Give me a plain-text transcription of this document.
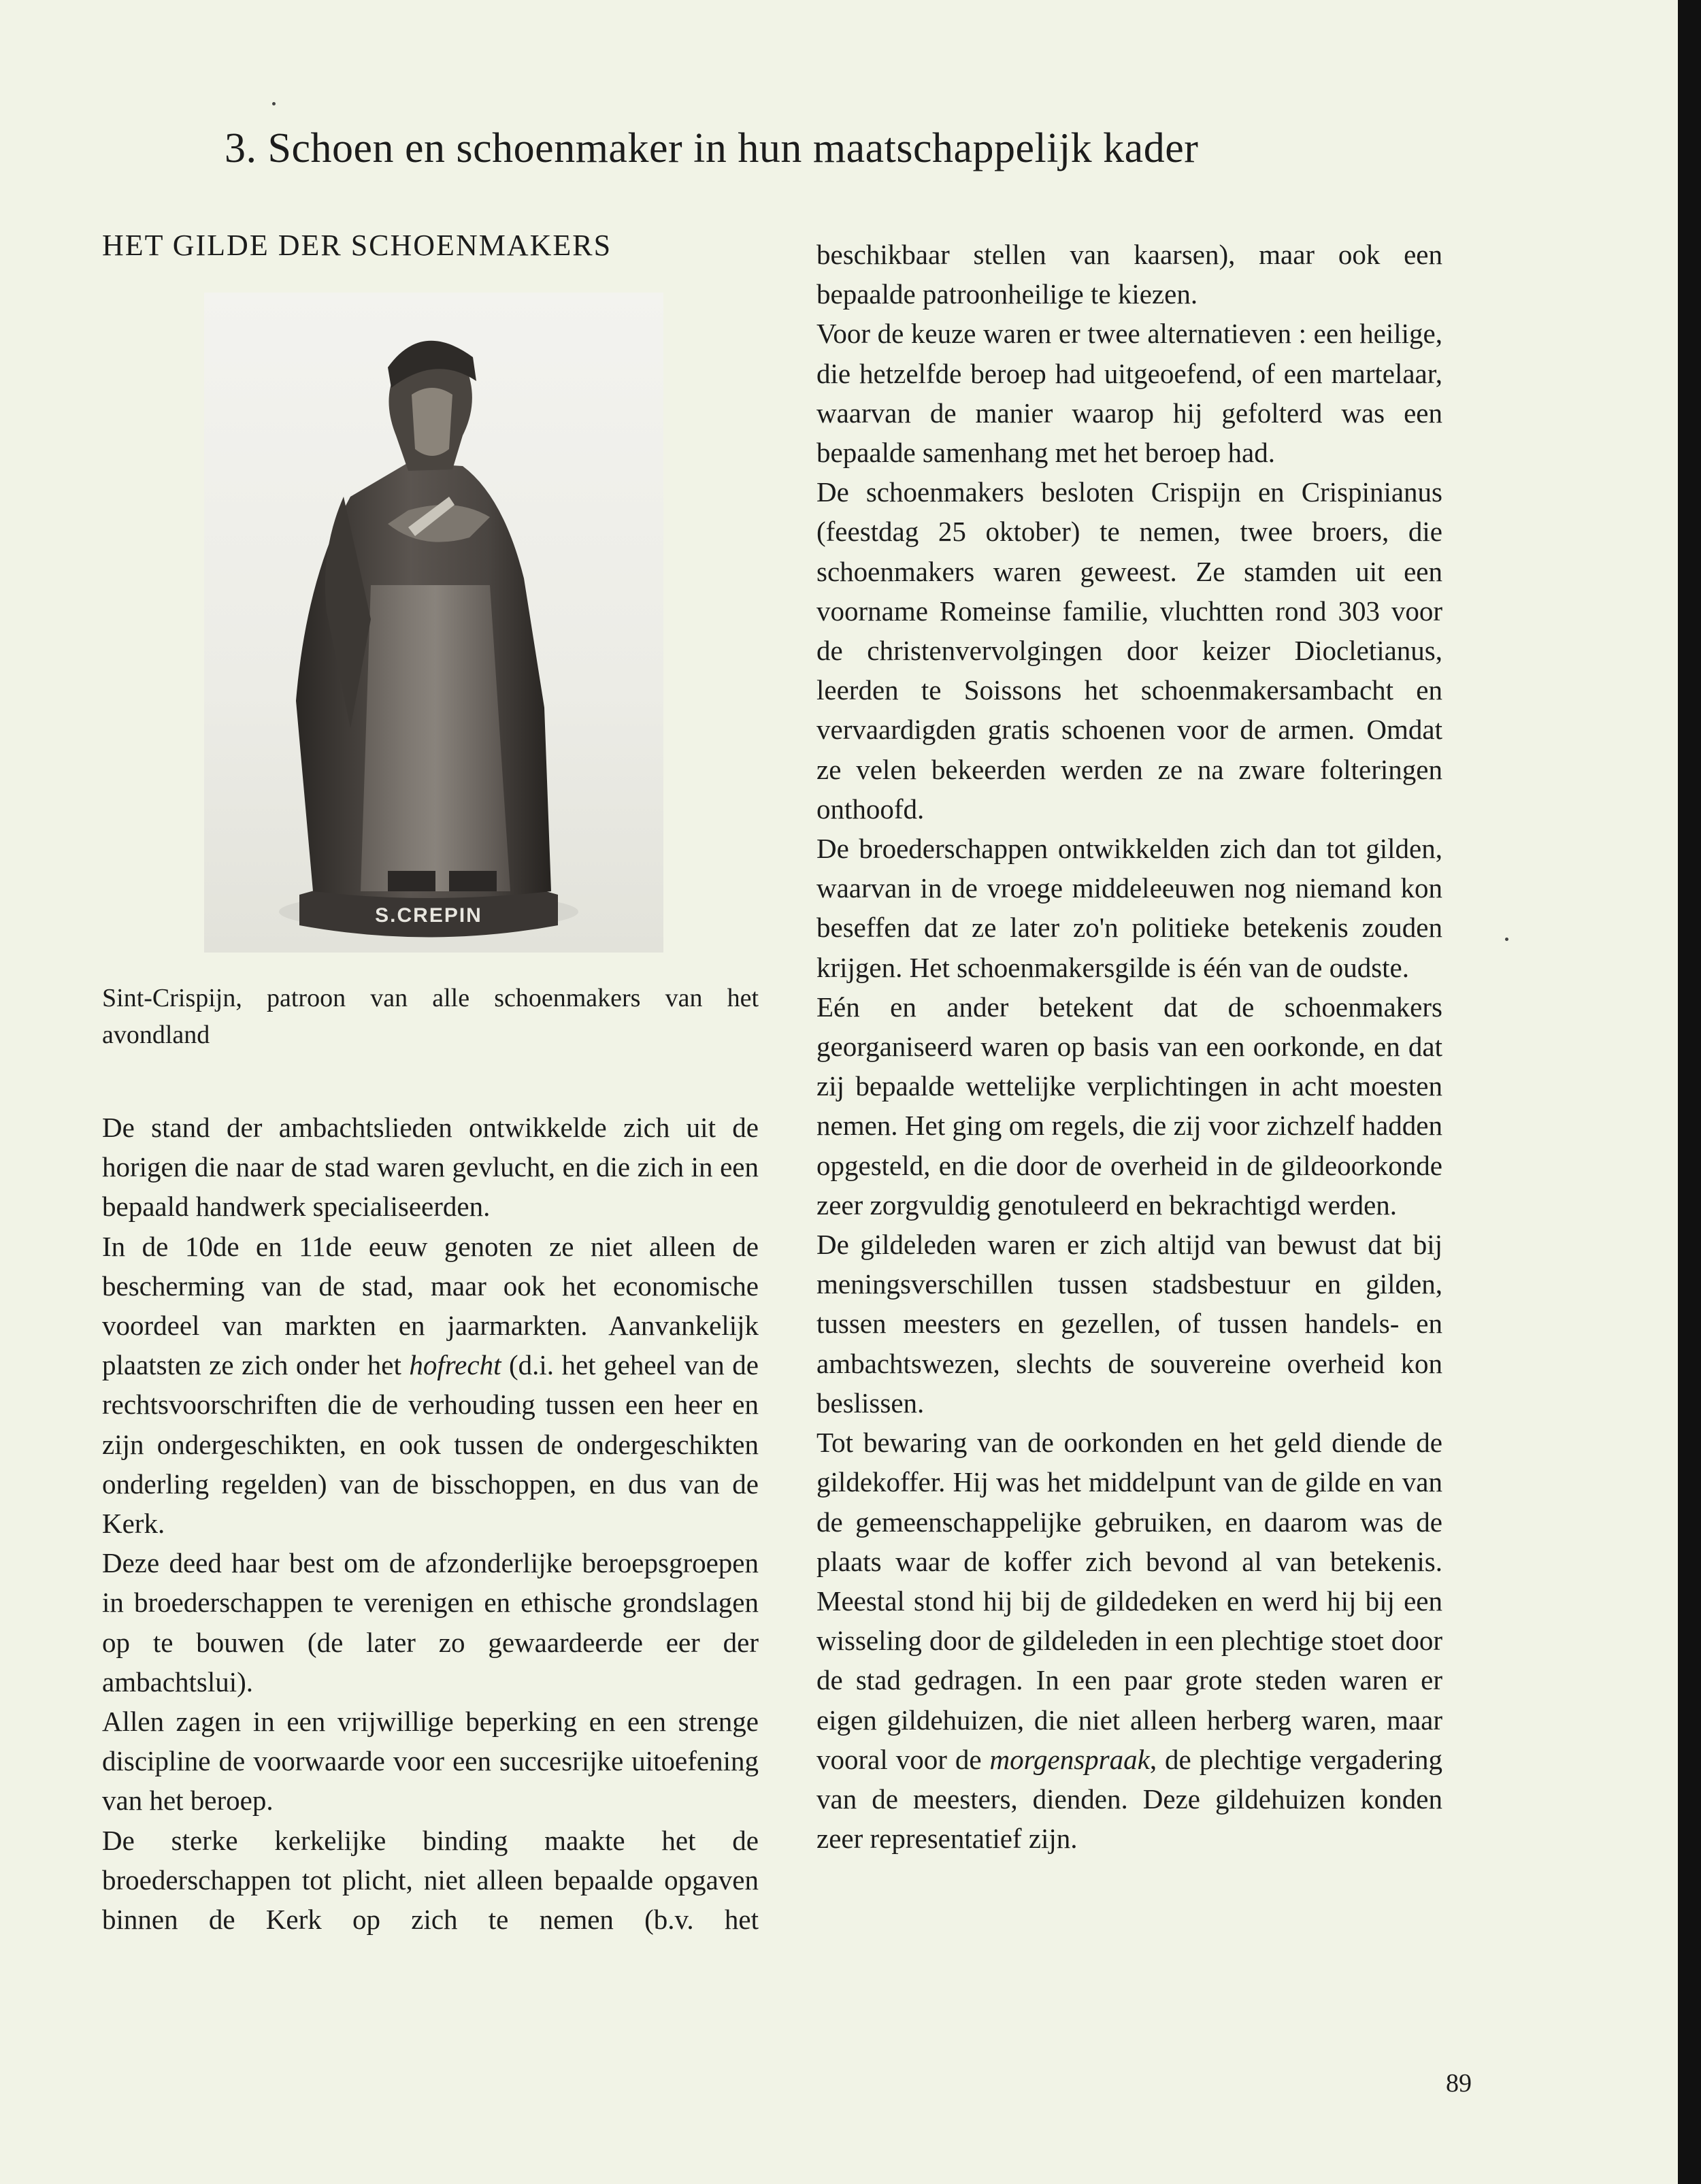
3. Schoen en schoenmaker in hun maatschappelijk kader
HET GILDE DER SCHOENMAKERS
S.CREPIN
Sint-Crispijn, patroon van alle schoenmakers van het avondland

De stand der ambachtslieden ontwikkelde zich uit de horigen die naar de stad waren gevlucht, en die zich in een bepaald handwerk specialiseerden.

In de 10de en 11de eeuw genoten ze niet alleen de bescherming van de stad, maar ook het economische voordeel van markten en jaarmarkten. Aanvankelijk plaatsten ze zich onder het hofrecht (d.i. het geheel van de rechtsvoorschriften die de verhouding tussen een heer en zijn ondergeschikten, en ook tussen de ondergeschikten onderling regelden) van de bisschoppen, en dus van de Kerk.

Deze deed haar best om de afzonderlijke beroepsgroepen in broederschappen te verenigen en ethische grondslagen op te bouwen (de later zo gewaardeerde eer der ambachtslui).

Allen zagen in een vrijwillige beperking en een strenge discipline de voorwaarde voor een succesrijke uitoefening van het beroep.

De sterke kerkelijke binding maakte het de broederschappen tot plicht, niet alleen bepaalde opgaven binnen de Kerk op zich te nemen (b.v. het

beschikbaar stellen van kaarsen), maar ook een bepaalde patroonheilige te kiezen.

Voor de keuze waren er twee alternatieven : een heilige, die hetzelfde beroep had uitgeoefend, of een martelaar, waarvan de manier waarop hij gefolterd was een bepaalde samenhang met het beroep had.

De schoenmakers besloten Crispijn en Crispinianus (feestdag 25 oktober) te nemen, twee broers, die schoenmakers waren geweest. Ze stamden uit een voorname Romeinse familie, vluchtten rond 303 voor de christenvervolgingen door keizer Diocletianus, leerden te Soissons het schoenmakersambacht en vervaardigden gratis schoenen voor de armen. Omdat ze velen bekeerden werden ze na zware folteringen onthoofd.

De broederschappen ontwikkelden zich dan tot gilden, waarvan in de vroege middeleeuwen nog niemand kon beseffen dat ze later zo'n politieke betekenis zouden krijgen. Het schoenmakersgilde is één van de oudste.

Eén en ander betekent dat de schoenmakers georganiseerd waren op basis van een oorkonde, en dat zij bepaalde wettelijke verplichtingen in acht moesten nemen. Het ging om regels, die zij voor zichzelf hadden opgesteld, en die door de overheid in de gildeoorkonde zeer zorgvuldig genotuleerd en bekrachtigd werden.

De gildeleden waren er zich altijd van bewust dat bij meningsverschillen tussen stadsbestuur en gilden, tussen meesters en gezellen, of tussen handels- en ambachtswezen, slechts de souvereine overheid kon beslissen.

Tot bewaring van de oorkonden en het geld diende de gildekoffer. Hij was het middelpunt van de gilde en van de gemeenschappelijke gebruiken, en daarom was de plaats waar de koffer zich bevond al van betekenis. Meestal stond hij bij de gildedeken en werd hij bij een wisseling door de gildeleden in een plechtige stoet door de stad gedragen. In een paar grote steden waren er eigen gildehuizen, die niet alleen herberg waren, maar vooral voor de morgenspraak, de plechtige vergadering van de meesters, dienden. Deze gildehuizen konden zeer representatief zijn.

89
